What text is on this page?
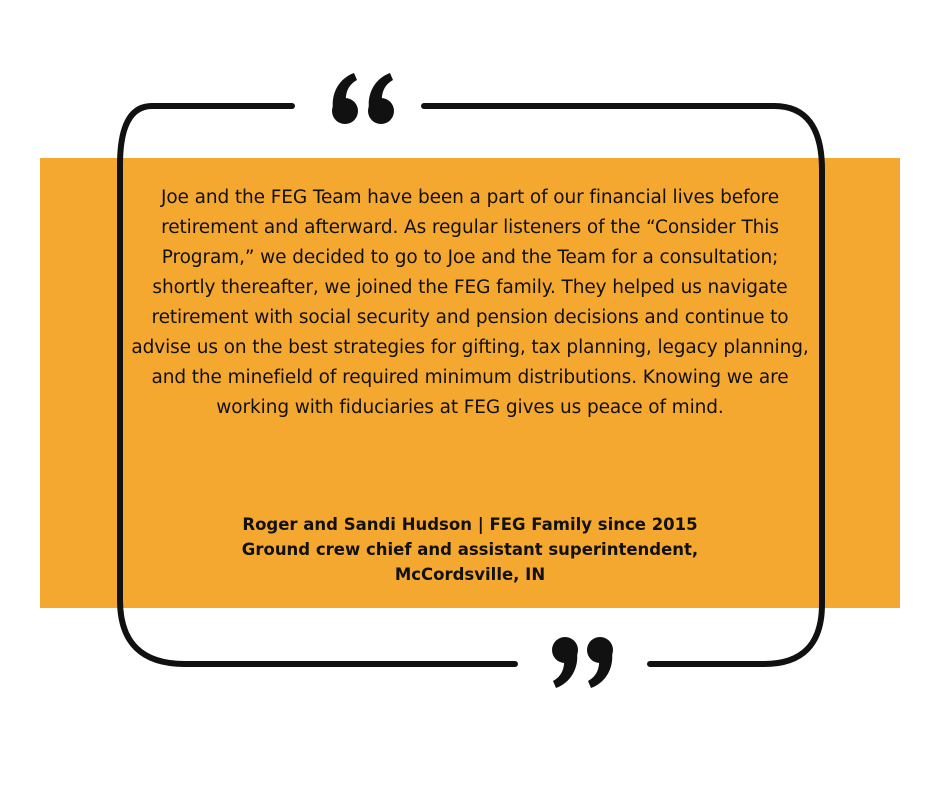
Joe and the FEG Team have been a part of our financial lives before retirement and afterward. As regular listeners of the “Consider This Program,” we decided to go to Joe and the Team for a consultation; shortly thereafter, we joined the FEG family. They helped us navigate retirement with social security and pension decisions and continue to advise us on the best strategies for gifting, tax planning, legacy planning, and the minefield of required minimum distributions. Knowing we are working with fiduciaries at FEG gives us peace of mind.

Roger and Sandi Hudson | FEG Family since 2015
Ground crew chief and assistant superintendent,
McCordsville, IN
